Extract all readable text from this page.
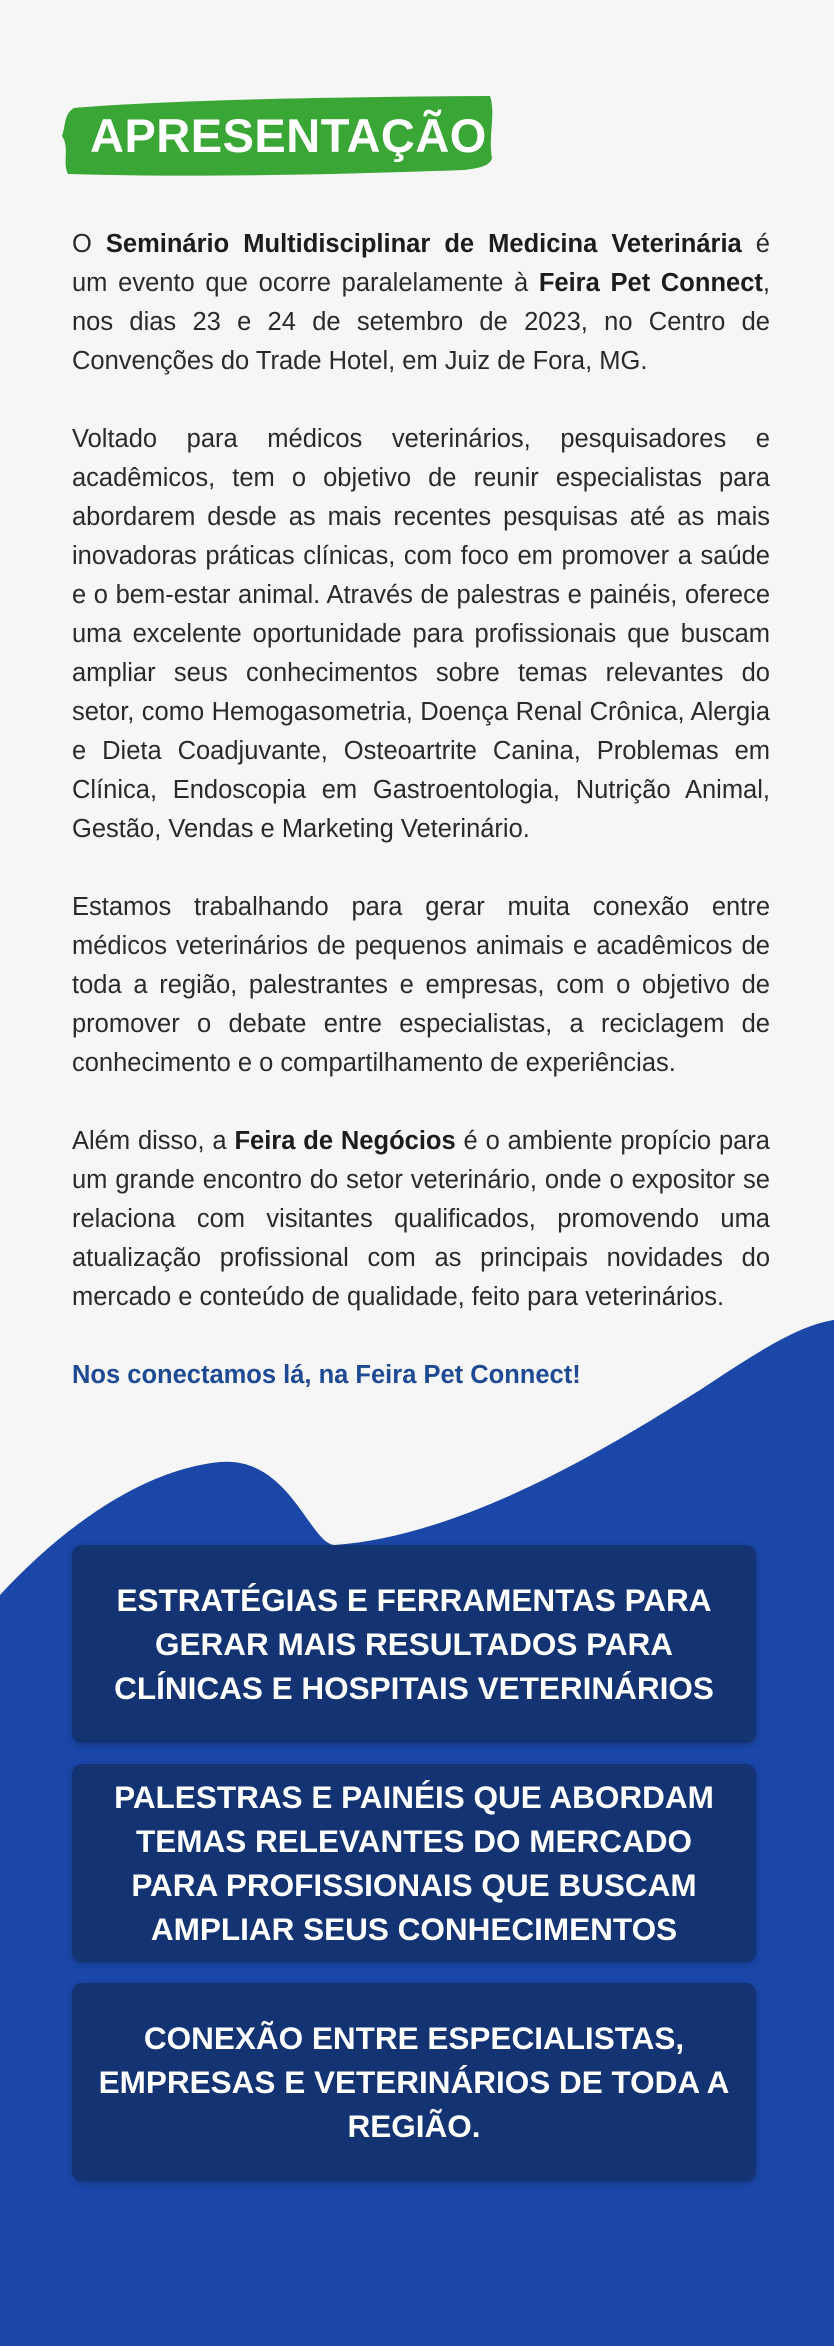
APRESENTAÇÃO

O Seminário Multidisciplinar de Medicina Veterinária é um evento que ocorre paralelamente à Feira Pet Connect, nos dias 23 e 24 de setembro de 2023, no Centro de Convenções do Trade Hotel, em Juiz de Fora, MG.

Voltado para médicos veterinários, pesquisadores e acadêmicos, tem o objetivo de reunir especialistas para abordarem desde as mais recentes pesquisas até as mais inovadoras práticas clínicas, com foco em promover a saúde e o bem-estar animal. Através de palestras e painéis, oferece uma excelente oportunidade para profissionais que buscam ampliar seus conhecimentos sobre temas relevantes do setor, como Hemogasometria, Doença Renal Crônica, Alergia e Dieta Coadjuvante, Osteoartrite Canina, Problemas em Clínica, Endoscopia em Gastroentologia, Nutrição Animal, Gestão, Vendas e Marketing Veterinário.

Estamos trabalhando para gerar muita conexão entre médicos veterinários de pequenos animais e acadêmicos de toda a região, palestrantes e empresas, com o objetivo de promover o debate entre especialistas, a reciclagem de conhecimento e o compartilhamento de experiências.

Além disso, a Feira de Negócios é o ambiente propício para um grande encontro do setor veterinário, onde o expositor se relaciona com visitantes qualificados, promovendo uma atualização profissional com as principais novidades do mercado e conteúdo de qualidade, feito para veterinários.

Nos conectamos lá, na Feira Pet Connect!

ESTRATÉGIAS E FERRAMENTAS PARA GERAR MAIS RESULTADOS PARA CLÍNICAS E HOSPITAIS VETERINÁRIOS
PALESTRAS E PAINÉIS QUE ABORDAM TEMAS RELEVANTES DO MERCADO PARA PROFISSIONAIS QUE BUSCAM AMPLIAR SEUS CONHECIMENTOS
CONEXÃO ENTRE ESPECIALISTAS, EMPRESAS E VETERINÁRIOS DE TODA A REGIÃO.
